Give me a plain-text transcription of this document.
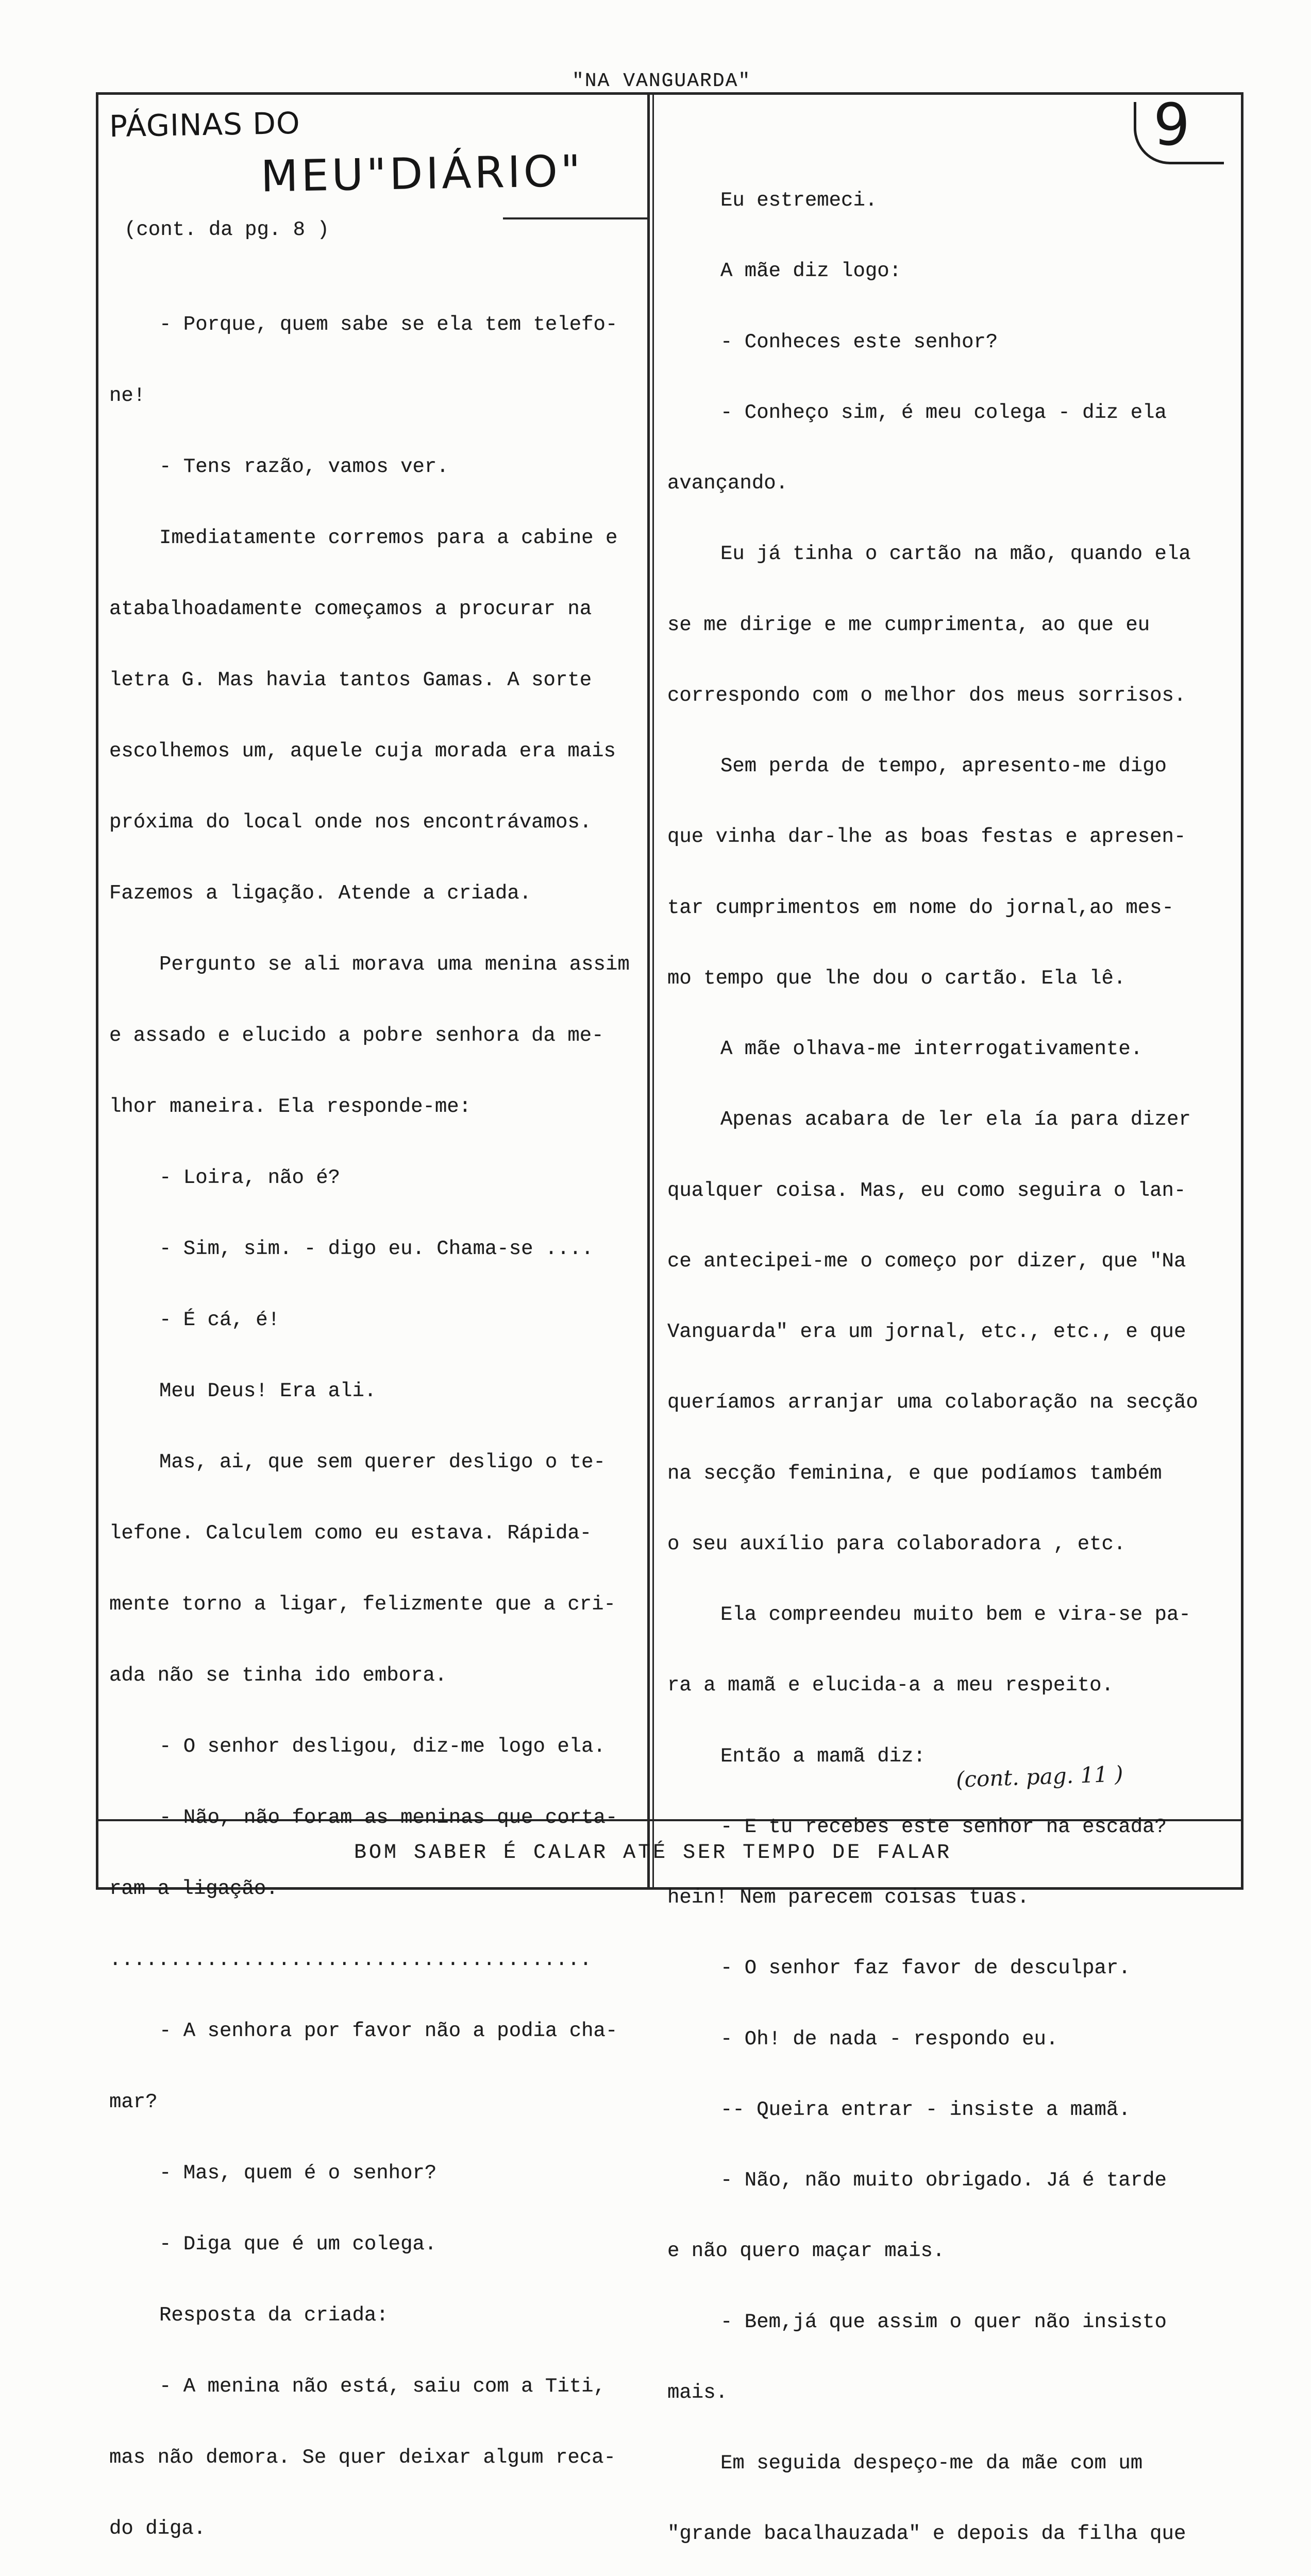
"NA VANGUARDA"
9
PÁGINAS DO
MEU"DIÁRIO"
(cont. da pg. 8 )

- Porque, quem sabe se ela tem telefo-

ne!

- Tens razão, vamos ver.

Imediatamente corremos para a cabine e

atabalhoadamente começamos a procurar na

letra G. Mas havia tantos Gamas. A sorte

escolhemos um, aquele cuja morada era mais

próxima do local onde nos encontrávamos.

Fazemos a ligação. Atende a criada.

Pergunto se ali morava uma menina assim

e assado e elucido a pobre senhora da me-

lhor maneira. Ela responde-me:

- Loira, não é?

- Sim, sim. - digo eu. Chama-se ....

- É cá, é!

Meu Deus! Era ali.

Mas, ai, que sem querer desligo o te-

lefone. Calculem como eu estava. Rápida-

mente torno a ligar, felizmente que a cri-

ada não se tinha ido embora.

- O senhor desligou, diz-me logo ela.

- Não, não foram as meninas que corta-

ram a ligação.

........................................

- A senhora por favor não a podia cha-

mar?

- Mas, quem é o senhor?

- Diga que é um colega.

Resposta da criada:

- A menina não está, saiu com a Titi,

mas não demora. Se quer deixar algum reca-

do diga.

Eu estremeci.

A mãe diz logo:

- Conheces este senhor?

- Conheço sim, é meu colega - diz ela

avançando.

Eu já tinha o cartão na mão, quando ela

se me dirige e me cumprimenta, ao que eu

correspondo com o melhor dos meus sorrisos.

Sem perda de tempo, apresento-me digo

que vinha dar-lhe as boas festas e apresen-

tar cumprimentos em nome do jornal,ao mes-

mo tempo que lhe dou o cartão. Ela lê.

A mãe olhava-me interrogativamente.

Apenas acabara de ler ela ía para dizer

qualquer coisa. Mas, eu como seguira o lan-

ce antecipei-me o começo por dizer, que "Na

Vanguarda" era um jornal, etc., etc., e que

queríamos arranjar uma colaboração na secção

na secção feminina, e que podíamos também

o seu auxílio para colaboradora , etc.

Ela compreendeu muito bem e vira-se pa-

ra a mamã e elucida-a a meu respeito.

Então a mamã diz:

- E tu recebes este senhor na escada?

hein! Nem parecem coisas tuas.

- O senhor faz favor de desculpar.

- Oh! de nada - respondo eu.

-- Queira entrar - insiste a mamã.

- Não, não muito obrigado. Já é tarde

e não quero maçar mais.

- Bem,já que assim o quer não insisto

mais.

Em seguida despeço-me da mãe com um

"grande bacalhauzada" e depois da filha que

(cont. pag. 11 )
BOM SABER É CALAR ATÉ SER TEMPO DE FALAR
